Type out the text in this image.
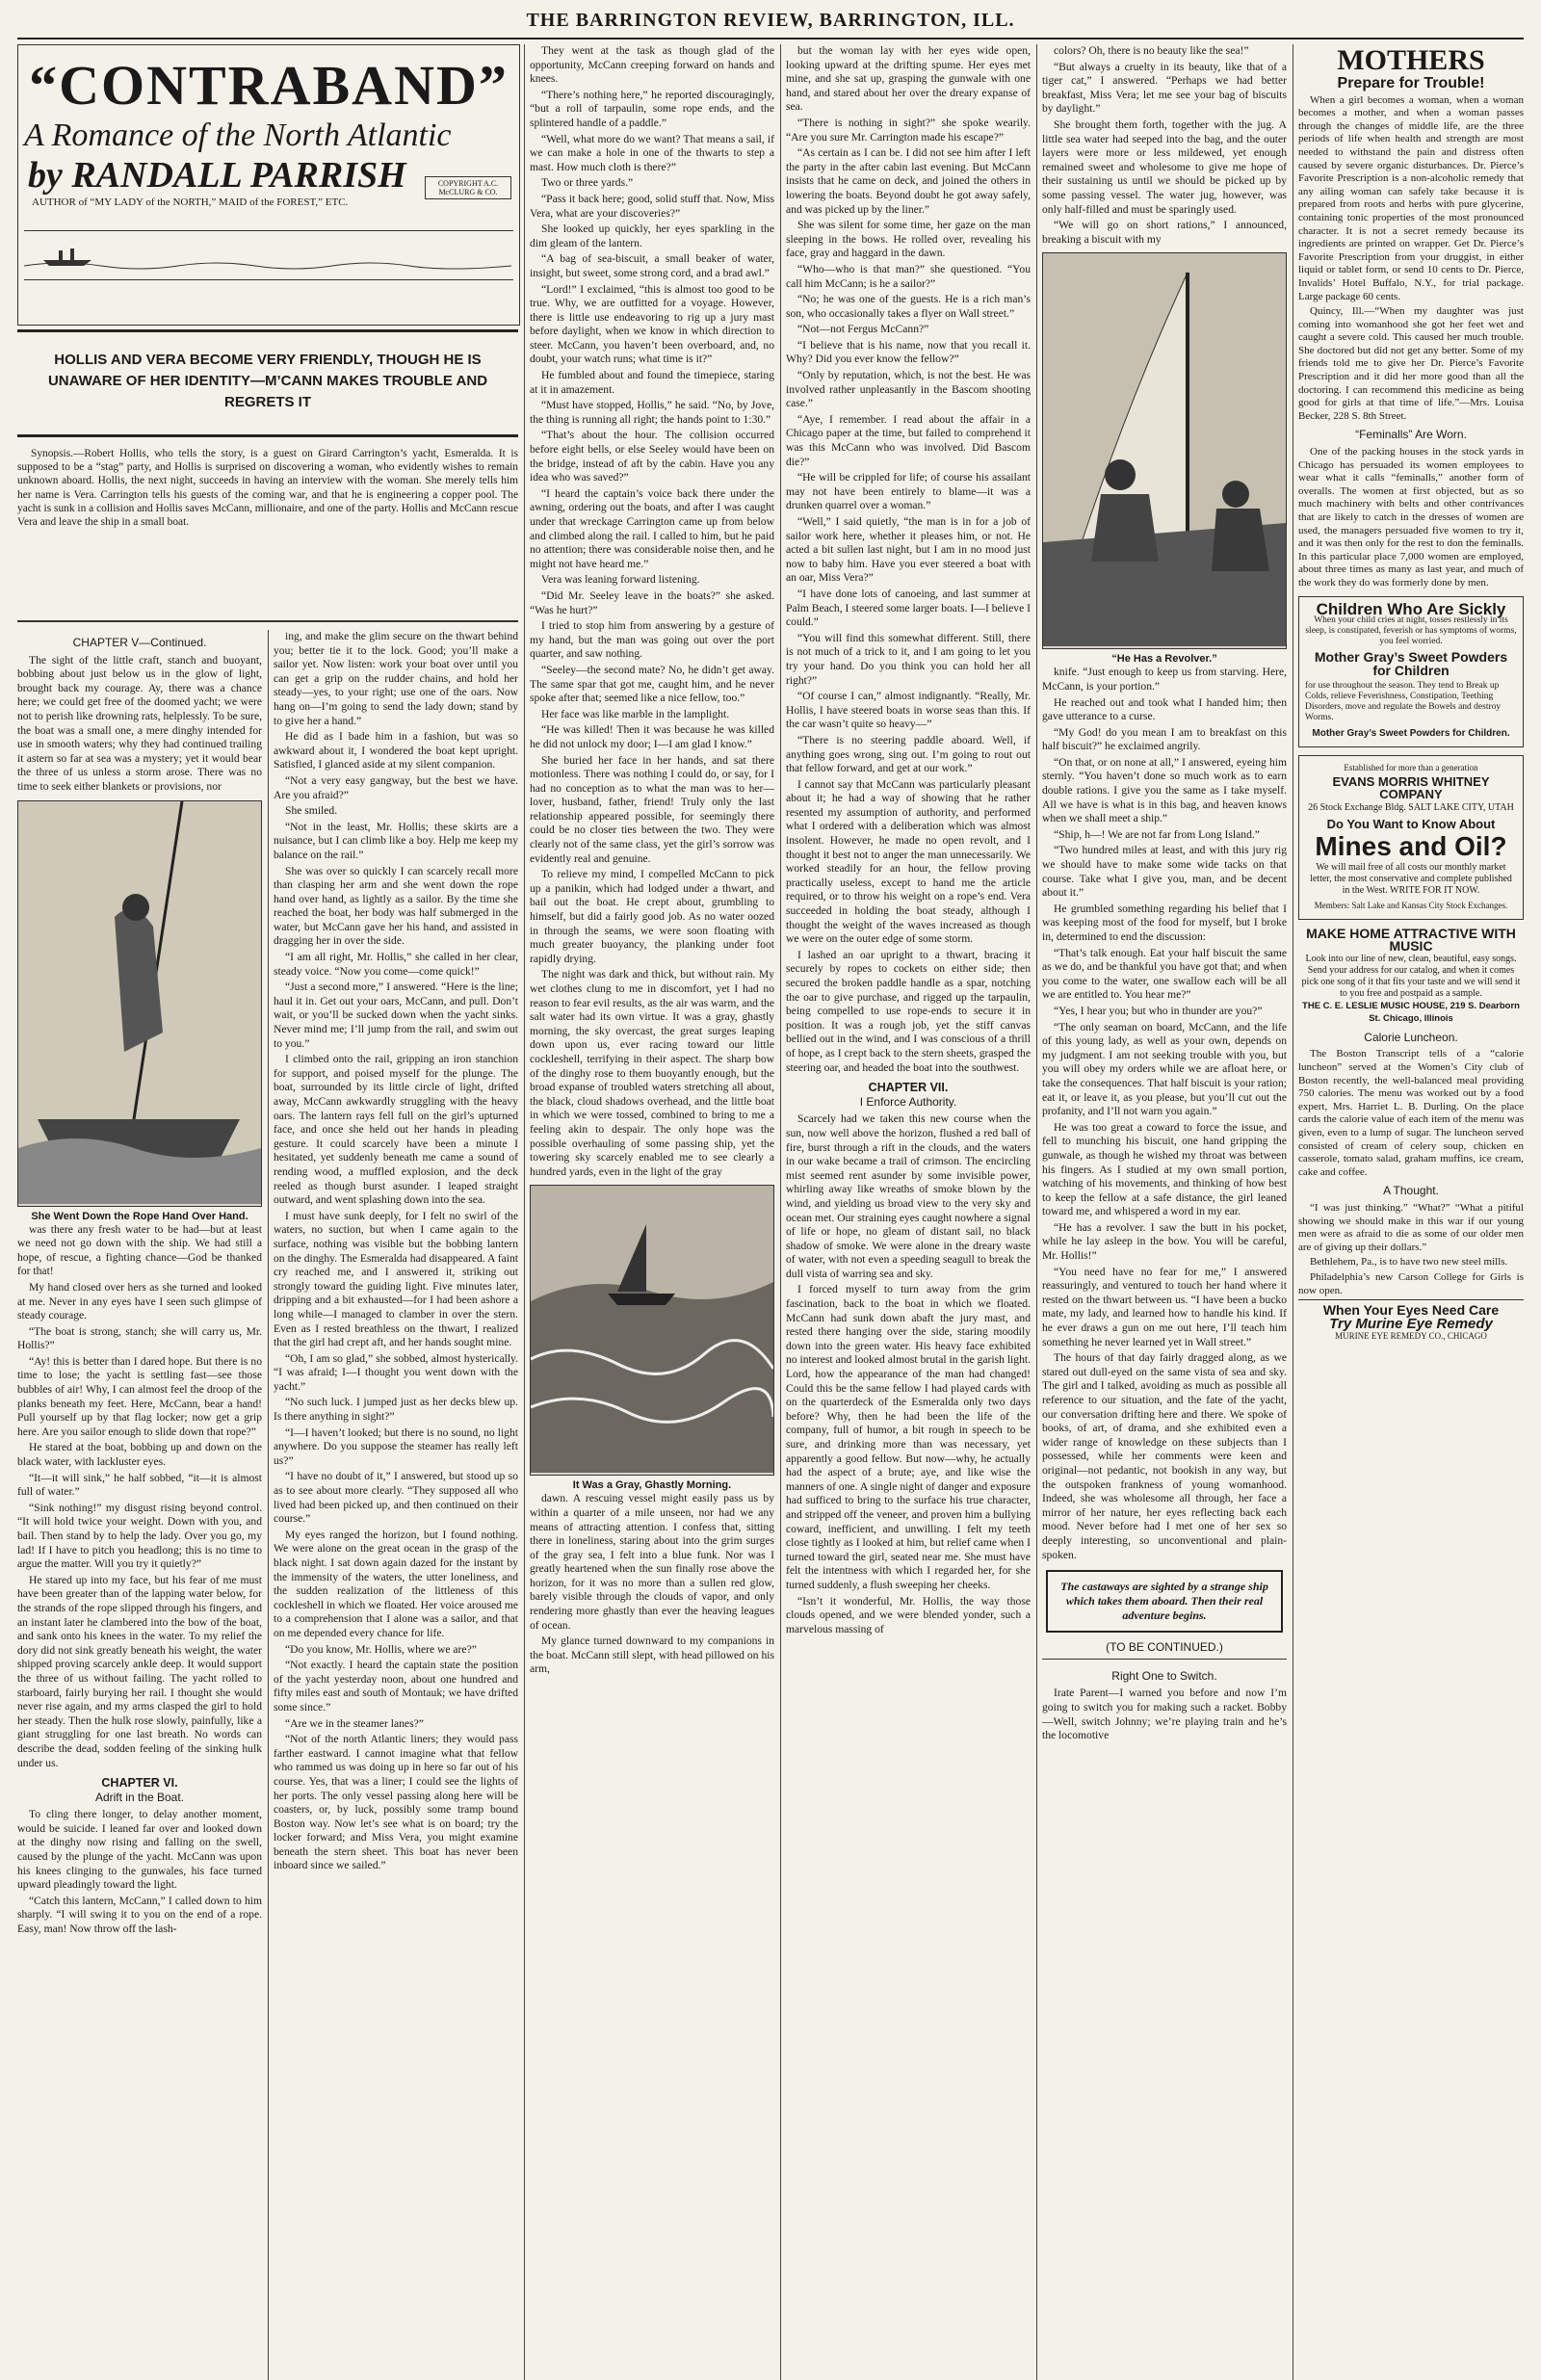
THE BARRINGTON REVIEW, BARRINGTON, ILL.
“CONTRABAND”
A Romance of the North Atlantic
by RANDALL PARRISH
AUTHOR of “MY LADY of the NORTH,” MAID of the FOREST,” ETC.
COPYRIGHT A.C. McCLURG & CO.
HOLLIS AND VERA BECOME VERY FRIENDLY, THOUGH HE IS UNAWARE OF HER IDENTITY—M’CANN MAKES TROUBLE AND REGRETS IT

Synopsis.—Robert Hollis, who tells the story, is a guest on Girard Carrington’s yacht, Esmeralda. It is supposed to be a “stag” party, and Hollis is surprised on discovering a woman, who evidently wishes to remain unknown aboard. Hollis, the next night, succeeds in having an interview with the woman. She merely tells him her name is Vera. Carrington tells his guests of the coming war, and that he is engineering a copper pool. The yacht is sunk in a collision and Hollis saves McCann, millionaire, and one of the party. Hollis and McCann rescue Vera and leave the ship in a small boat.

CHAPTER V—Continued.

The sight of the little craft, stanch and buoyant, bobbing about just below us in the glow of light, brought back my courage. Ay, there was a chance here; we could get free of the doomed yacht; we were not to perish like drowning rats, helplessly. To be sure, the boat was a small one, a mere dinghy intended for use in smooth waters; why they had continued trailing it astern so far at sea was a mystery; yet it would bear the three of us unless a storm arose. There was no time to seek either blankets or provisions, nor

She Went Down the Rope Hand Over Hand.

was there any fresh water to be had—but at least we need not go down with the ship. We had still a hope, of rescue, a fighting chance—God be thanked for that!

My hand closed over hers as she turned and looked at me. Never in any eyes have I seen such glimpse of steady courage.

“The boat is strong, stanch; she will carry us, Mr. Hollis?”

“Ay! this is better than I dared hope. But there is no time to lose; the yacht is settling fast—see those bubbles of air! Why, I can almost feel the droop of the planks beneath my feet. Here, McCann, bear a hand! Pull yourself up by that flag locker; now get a grip here. Are you sailor enough to slide down that rope?”

He stared at the boat, bobbing up and down on the black water, with lackluster eyes.

“It—it will sink,” he half sobbed, “it—it is almost full of water.”

“Sink nothing!” my disgust rising beyond control. “It will hold twice your weight. Down with you, and bail. Then stand by to help the lady. Over you go, my lad! If I have to pitch you headlong; this is no time to argue the matter. Will you try it quietly?”

He stared up into my face, but his fear of me must have been greater than of the lapping water below, for the strands of the rope slipped through his fingers, and an instant later he clambered into the bow of the boat, and sank onto his knees in the water. To my relief the dory did not sink greatly beneath his weight, the water shipped proving scarcely ankle deep. It would support the three of us without failing. The yacht rolled to starboard, fairly burying her rail. I thought she would never rise again, and my arms clasped the girl to hold her steady. Then the hulk rose slowly, painfully, like a giant struggling for one last breath. No words can describe the dead, sodden feeling of the sinking hulk under us.

CHAPTER VI.
Adrift in the Boat.

To cling there longer, to delay another moment, would be suicide. I leaned far over and looked down at the dinghy now rising and falling on the swell, caused by the plunge of the yacht. McCann was upon his knees clinging to the gunwales, his face turned upward pleadingly toward the light.

“Catch this lantern, McCann,” I called down to him sharply. “I will swing it to you on the end of a rope. Easy, man! Now throw off the lash-

ing, and make the glim secure on the thwart behind you; better tie it to the lock. Good; you’ll make a sailor yet. Now listen: work your boat over until you can get a grip on the rudder chains, and hold her steady—yes, to your right; use one of the oars. Now hang on—I’m going to send the lady down; stand by to give her a hand.”

He did as I bade him in a fashion, but was so awkward about it, I wondered the boat kept upright. Satisfied, I glanced aside at my silent companion.

“Not a very easy gangway, but the best we have. Are you afraid?”

She smiled.

“Not in the least, Mr. Hollis; these skirts are a nuisance, but I can climb like a boy. Help me keep my balance on the rail.”

She was over so quickly I can scarcely recall more than clasping her arm and she went down the rope hand over hand, as lightly as a sailor. By the time she reached the boat, her body was half submerged in the water, but McCann gave her his hand, and assisted in dragging her in over the side.

“I am all right, Mr. Hollis,” she called in her clear, steady voice. “Now you come—come quick!”

“Just a second more,” I answered. “Here is the line; haul it in. Get out your oars, McCann, and pull. Don’t wait, or you’ll be sucked down when the yacht sinks. Never mind me; I’ll jump from the rail, and swim out to you.”

I climbed onto the rail, gripping an iron stanchion for support, and poised myself for the plunge. The boat, surrounded by its little circle of light, drifted away, McCann awkwardly struggling with the heavy oars. The lantern rays fell full on the girl’s upturned face, and once she held out her hands in pleading gesture. It could scarcely have been a minute I hesitated, yet suddenly beneath me came a sound of rending wood, a muffled explosion, and the deck reeled as though burst asunder. I leaped straight outward, and went splashing down into the sea.

I must have sunk deeply, for I felt no swirl of the waters, no suction, but when I came again to the surface, nothing was visible but the bobbing lantern on the dinghy. The Esmeralda had disappeared. A faint cry reached me, and I answered it, striking out strongly toward the guiding light. Five minutes later, dripping and a bit exhausted—for I had been ashore a long while—I managed to clamber in over the stern. Even as I rested breathless on the thwart, I realized that the girl had crept aft, and her hands sought mine.

“Oh, I am so glad,” she sobbed, almost hysterically. “I was afraid; I—I thought you went down with the yacht.”

“No such luck. I jumped just as her decks blew up. Is there anything in sight?”

“I—I haven’t looked; but there is no sound, no light anywhere. Do you suppose the steamer has really left us?”

“I have no doubt of it,” I answered, but stood up so as to see about more clearly. “They supposed all who lived had been picked up, and then continued on their course.”

My eyes ranged the horizon, but I found nothing. We were alone on the great ocean in the grasp of the black night. I sat down again dazed for the instant by the immensity of the waters, the utter loneliness, and the sudden realization of the littleness of this cockleshell in which we floated. Her voice aroused me to a comprehension that I alone was a sailor, and that on me depended every chance for life.

“Do you know, Mr. Hollis, where we are?”

“Not exactly. I heard the captain state the position of the yacht yesterday noon, about one hundred and fifty miles east and south of Montauk; we have drifted some since.”

“Are we in the steamer lanes?”

“Not of the north Atlantic liners; they would pass farther eastward. I cannot imagine what that fellow who rammed us was doing up in here so far out of his course. Yes, that was a liner; I could see the lights of her ports. The only vessel passing along here will be coasters, or, by luck, possibly some tramp bound Boston way. Now let’s see what is on board; try the locker forward; and Miss Vera, you might examine beneath the stern sheet. This boat has never been inboard since we sailed.”

They went at the task as though glad of the opportunity, McCann creeping forward on hands and knees.

“There’s nothing here,” he reported discouragingly, “but a roll of tarpaulin, some rope ends, and the splintered handle of a paddle.”

“Well, what more do we want? That means a sail, if we can make a hole in one of the thwarts to step a mast. How much cloth is there?”

Two or three yards.”

“Pass it back here; good, solid stuff that. Now, Miss Vera, what are your discoveries?”

She looked up quickly, her eyes sparkling in the dim gleam of the lantern.

“A bag of sea-biscuit, a small beaker of water, insight, but sweet, some strong cord, and a brad awl.”

“Lord!” I exclaimed, “this is almost too good to be true. Why, we are outfitted for a voyage. However, there is little use endeavoring to rig up a jury mast before daylight, when we know in which direction to steer. McCann, you haven’t been overboard, and, no doubt, your watch runs; what time is it?”

He fumbled about and found the timepiece, staring at it in amazement.

“Must have stopped, Hollis,” he said. “No, by Jove, the thing is running all right; the hands point to 1:30.”

“That’s about the hour. The collision occurred before eight bells, or else Seeley would have been on the bridge, instead of aft by the cabin. Have you any idea who was saved?”

“I heard the captain’s voice back there under the awning, ordering out the boats, and after I was caught under that wreckage Carrington came up from below and climbed along the rail. I called to him, but he paid no attention; there was considerable noise then, and he might not have heard me.”

Vera was leaning forward listening.

“Did Mr. Seeley leave in the boats?” she asked. “Was he hurt?”

I tried to stop him from answering by a gesture of my hand, but the man was going out over the port quarter, and saw nothing.

“Seeley—the second mate? No, he didn’t get away. The same spar that got me, caught him, and he never spoke after that; seemed like a nice fellow, too.”

Her face was like marble in the lamplight.

“He was killed! Then it was because he was killed he did not unlock my door; I—I am glad I know.”

She buried her face in her hands, and sat there motionless. There was nothing I could do, or say, for I had no conception as to what the man was to her—lover, husband, father, friend! Truly only the last relationship appeared possible, for seemingly there could be no closer ties between the two. They were clearly not of the same class, yet the girl’s sorrow was evidently real and genuine.

To relieve my mind, I compelled McCann to pick up a panikin, which had lodged under a thwart, and bail out the boat. He crept about, grumbling to himself, but did a fairly good job. As no water oozed in through the seams, we were soon floating with much greater buoyancy, the planking under foot rapidly drying.

The night was dark and thick, but without rain. My wet clothes clung to me in discomfort, yet I had no reason to fear evil results, as the air was warm, and the salt water had its own virtue. It was a gray, ghastly morning, the sky overcast, the great surges leaping down upon us, ever racing toward our little cockleshell, terrifying in their aspect. The sharp bow of the dinghy rose to them buoyantly enough, but the broad expanse of troubled waters stretching all about, the black, cloud shadows overhead, and the little boat in which we were tossed, combined to bring to me a feeling akin to despair. The only hope was the possible overhauling of some passing ship, yet the towering sky scarcely enabled me to see clearly a hundred yards, even in the light of the gray

It Was a Gray, Ghastly Morning.

dawn. A rescuing vessel might easily pass us by within a quarter of a mile unseen, nor had we any means of attracting attention. I confess that, sitting there in loneliness, staring about into the grim surges of the gray sea, I felt into a blue funk. Nor was I greatly heartened when the sun finally rose above the horizon, for it was no more than a sullen red glow, barely visible through the clouds of vapor, and only rendering more ghastly than ever the heaving leagues of ocean.

My glance turned downward to my companions in the boat. McCann still slept, with head pillowed on his arm,

but the woman lay with her eyes wide open, looking upward at the drifting spume. Her eyes met mine, and she sat up, grasping the gunwale with one hand, and stared about her over the dreary expanse of sea.

“There is nothing in sight?” she spoke wearily. “Are you sure Mr. Carrington made his escape?”

“As certain as I can be. I did not see him after I left the party in the after cabin last evening. But McCann insists that he came on deck, and joined the others in lowering the boats. Beyond doubt he got away safely, and was picked up by the liner.”

She was silent for some time, her gaze on the man sleeping in the bows. He rolled over, revealing his face, gray and haggard in the dawn.

“Who—who is that man?” she questioned. “You call him McCann; is he a sailor?”

“No; he was one of the guests. He is a rich man’s son, who occasionally takes a flyer on Wall street.”

“Not—not Fergus McCann?”

“I believe that is his name, now that you recall it. Why? Did you ever know the fellow?”

“Only by reputation, which, is not the best. He was involved rather unpleasantly in the Bascom shooting case.”

“Aye, I remember. I read about the affair in a Chicago paper at the time, but failed to comprehend it was this McCann who was involved. Did Bascom die?”

“He will be crippled for life; of course his assailant may not have been entirely to blame—it was a drunken quarrel over a woman.”

“Well,” I said quietly, “the man is in for a job of sailor work here, whether it pleases him, or not. He acted a bit sullen last night, but I am in no mood just now to baby him. Have you ever steered a boat with an oar, Miss Vera?”

“I have done lots of canoeing, and last summer at Palm Beach, I steered some larger boats. I—I believe I could.”

“You will find this somewhat different. Still, there is not much of a trick to it, and I am going to let you try your hand. Do you think you can hold her all right?”

“Of course I can,” almost indignantly. “Really, Mr. Hollis, I have steered boats in worse seas than this. If the car wasn’t quite so heavy—”

“There is no steering paddle aboard. Well, if anything goes wrong, sing out. I’m going to rout out that fellow forward, and get at our work.”

I cannot say that McCann was particularly pleasant about it; he had a way of showing that he rather resented my assumption of authority, and performed what I ordered with a deliberation which was almost insolent. However, he made no open revolt, and I thought it best not to anger the man unnecessarily. We worked steadily for an hour, the fellow proving practically useless, except to hand me the article required, or to throw his weight on a rope’s end. Vera succeeded in holding the boat steady, although I thought the weight of the waves increased as though we were on the outer edge of some storm.

I lashed an oar upright to a thwart, bracing it securely by ropes to cockets on either side; then secured the broken paddle handle as a spar, notching the oar to give purchase, and rigged up the tarpaulin, being compelled to use rope-ends to secure it in position. It was a rough job, yet the stiff canvas bellied out in the wind, and I was conscious of a thrill of hope, as I crept back to the stern sheets, grasped the steering oar, and headed the boat into the southwest.

CHAPTER VII.
I Enforce Authority.

Scarcely had we taken this new course when the sun, now well above the horizon, flushed a red ball of fire, burst through a rift in the clouds, and the waters in our wake became a trail of crimson. The encircling mist seemed rent asunder by some invisible power, whirling away like wreaths of smoke blown by the wind, and yielding us broad view to the very sky and ocean met. Our straining eyes caught nowhere a signal of life or hope, no gleam of distant sail, no black shadow of smoke. We were alone in the dreary waste of water, with not even a speeding seagull to break the dull vista of warring sea and sky.

I forced myself to turn away from the grim fascination, back to the boat in which we floated. McCann had sunk down abaft the jury mast, and rested there hanging over the side, staring moodily down into the green water. His heavy face exhibited no interest and looked almost brutal in the garish light. Lord, how the appearance of the man had changed! Could this be the same fellow I had played cards with on the quarterdeck of the Esmeralda only two days before? Why, then he had been the life of the company, full of humor, a bit rough in speech to be sure, and drinking more than was necessary, yet apparently a good fellow. But now—why, he actually had the aspect of a brute; aye, and like wise the manners of one. A single night of danger and exposure had sufficed to bring to the surface his true character, and stripped off the veneer, and proven him a bullying coward, inefficient, and unwilling. I felt my teeth close tightly as I looked at him, but relief came when I turned toward the girl, seated near me. She must have felt the intentness with which I regarded her, for she turned suddenly, a flush sweeping her cheeks.

“Isn’t it wonderful, Mr. Hollis, the way those clouds opened, and we were blended yonder, such a marvelous massing of

colors? Oh, there is no beauty like the sea!”

“But always a cruelty in its beauty, like that of a tiger cat,” I answered. “Perhaps we had better breakfast, Miss Vera; let me see your bag of biscuits by daylight.”

She brought them forth, together with the jug. A little sea water had seeped into the bag, and the outer layers were more or less mildewed, yet enough remained sweet and wholesome to give me hope of their sustaining us until we should be picked up by some passing vessel. The water jug, however, was only half-filled and must be sparingly used.

“We will go on short rations,” I announced, breaking a biscuit with my

“He Has a Revolver.”

knife. “Just enough to keep us from starving. Here, McCann, is your portion.”

He reached out and took what I handed him; then gave utterance to a curse.

“My God! do you mean I am to breakfast on this half biscuit?” he exclaimed angrily.

“On that, or on none at all,” I answered, eyeing him sternly. “You haven’t done so much work as to earn double rations. I give you the same as I take myself. All we have is what is in this bag, and heaven knows when we shall meet a ship.”

“Ship, h—! We are not far from Long Island.”

“Two hundred miles at least, and with this jury rig we should have to make some wide tacks on that course. Take what I give you, man, and be decent about it.”

He grumbled something regarding his belief that I was keeping most of the food for myself, but I broke in, determined to end the discussion:

“That’s talk enough. Eat your half biscuit the same as we do, and be thankful you have got that; and when you come to the water, one swallow each will be all we are entitled to. You hear me?”

“Yes, I hear you; but who in thunder are you?”

“The only seaman on board, McCann, and the life of this young lady, as well as your own, depends on my judgment. I am not seeking trouble with you, but you will obey my orders while we are afloat here, or take the consequences. That half biscuit is your ration; eat it, or leave it, as you please, but you’ll cut out the profanity, and I’ll not warn you again.”

He was too great a coward to force the issue, and fell to munching his biscuit, one hand gripping the gunwale, as though he wished my throat was between his fingers. As I studied at my own small portion, watching of his movements, and thinking of how best to keep the fellow at a safe distance, the girl leaned toward me, and whispered a word in my ear.

“He has a revolver. I saw the butt in his pocket, while he lay asleep in the bow. You will be careful, Mr. Hollis!”

“You need have no fear for me,” I answered reassuringly, and ventured to touch her hand where it rested on the thwart between us. “I have been a bucko mate, my lady, and learned how to handle his kind. If he ever draws a gun on me out here, I’ll teach him something he never learned yet in Wall street.”

The hours of that day fairly dragged along, as we stared out dull-eyed on the same vista of sea and sky. The girl and I talked, avoiding as much as possible all reference to our situation, and the fate of the yacht, our conversation drifting here and there. We spoke of books, of art, of drama, and she exhibited even a wider range of knowledge on these subjects than I possessed, while her comments were keen and original—not pedantic, not bookish in any way, but the outspoken frankness of young womanhood. Indeed, she was wholesome all through, her face a mirror of her nature, her eyes reflecting back each mood. Never before had I met one of her sex so deeply interesting, so unconventional and plain-spoken.

The castaways are sighted by a strange ship which takes them aboard. Then their real adventure begins.
(TO BE CONTINUED.)
Right One to Switch.

Irate Parent—I warned you before and now I’m going to switch you for making such a racket. Bobby—Well, switch Johnny; we’re playing train and he’s the locomotive

MOTHERS
Prepare for Trouble!

When a girl becomes a woman, when a woman becomes a mother, and when a woman passes through the changes of middle life, are the three periods of life when health and strength are most needed to withstand the pain and distress often caused by severe organic disturbances. Dr. Pierce’s Favorite Prescription is a non-alcoholic remedy that any ailing woman can safely take because it is prepared from roots and herbs with pure glycerine, containing tonic properties of the most pronounced character. It is not a secret remedy because its ingredients are printed on wrapper. Get Dr. Pierce’s Favorite Prescription from your druggist, in either liquid or tablet form, or send 10 cents to Dr. Pierce, Invalids’ Hotel Buffalo, N.Y., for trial package. Large package 60 cents.

Quincy, Ill.—“When my daughter was just coming into womanhood she got her feet wet and caught a severe cold. This caused her much trouble. She doctored but did not get any better. Some of my friends told me to give her Dr. Pierce’s Favorite Prescription and it did her more good than all the doctoring. I can recommend this medicine as being good for girls at that time of life.”—Mrs. Louisa Becker, 228 S. 8th Street.

“Feminalls” Are Worn.

One of the packing houses in the stock yards in Chicago has persuaded its women employees to wear what it calls “feminalls,” another form of overalls. The women at first objected, but as so much machinery with belts and other contrivances that are likely to catch in the dresses of women are used, the managers persuaded five women to try it, and it was then only for the rest to don the feminalls. In this particular place 7,000 women are employed, about three times as many as last year, and much of the work they do was formerly done by men.

Children Who Are Sickly
When your child cries at night, tosses restlessly in its sleep, is constipated, feverish or has symptoms of worms, you feel worried.
Mother Gray’s Sweet Powders for Children
for use throughout the season. They tend to Break up Colds, relieve Feverishness, Constipation, Teething Disorders, move and regulate the Bowels and destroy Worms.
Mother Gray’s Sweet Powders for Children.
Established for more than a generation
EVANS MORRIS WHITNEY COMPANY
26 Stock Exchange Bldg. SALT LAKE CITY, UTAH
Do You Want to Know About
Mines and Oil?
We will mail free of all costs our monthly market letter, the most conservative and complete published in the West. WRITE FOR IT NOW.
Members: Salt Lake and Kansas City Stock Exchanges.
MAKE HOME ATTRACTIVE WITH MUSIC
Look into our line of new, clean, beautiful, easy songs. Send your address for our catalog, and when it comes pick one song of it that fits your taste and we will send it to you free and postpaid as a sample.
THE C. E. LESLIE MUSIC HOUSE, 219 S. Dearborn St. Chicago, Illinois
Calorie Luncheon.

The Boston Transcript tells of a “calorie luncheon” served at the Women’s City club of Boston recently, the well-balanced meal providing 750 calories. The menu was worked out by a food expert, Mrs. Harriet L. B. Durling. On the place cards the calorie value of each item of the menu was given, even to a lump of sugar. The luncheon served consisted of cream of celery soup, chicken en casserole, tomato salad, graham muffins, ice cream, cake and coffee.

A Thought.

“I was just thinking.” “What?” “What a pitiful showing we should make in this war if our young men were as afraid to die as some of our older men are of giving up their dollars.”

Bethlehem, Pa., is to have two new steel mills.

Philadelphia’s new Carson College for Girls is now open.

When Your Eyes Need Care
Try Murine Eye Remedy
MURINE EYE REMEDY CO., CHICAGO
